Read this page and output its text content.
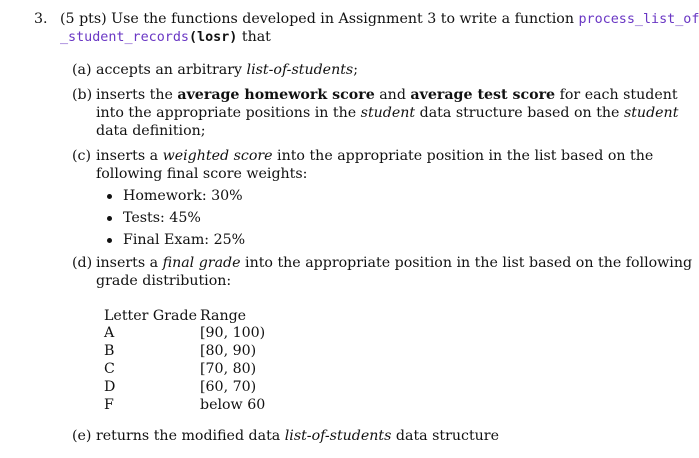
3. (5 pts) Use the functions developed in Assignment 3 to write a function process_list_of
_student_records(losr) that
(a) accepts an arbitrary list-of-students;
(b) inserts the average homework score and average test score for each student
into the appropriate positions in the student data structure based on the student
data definition;
(c) inserts a weighted score into the appropriate position in the list based on the
following final score weights:
Homework: 30%
Tests: 45%
Final Exam: 25%
(d) inserts a final grade into the appropriate position in the list based on the following
grade distribution:
Letter Grade Range
A	[90, 100)
B	[80, 90)
C	[70, 80)
D	[60, 70)
F	below 60
(e) returns the modified data list-of-students data structure
